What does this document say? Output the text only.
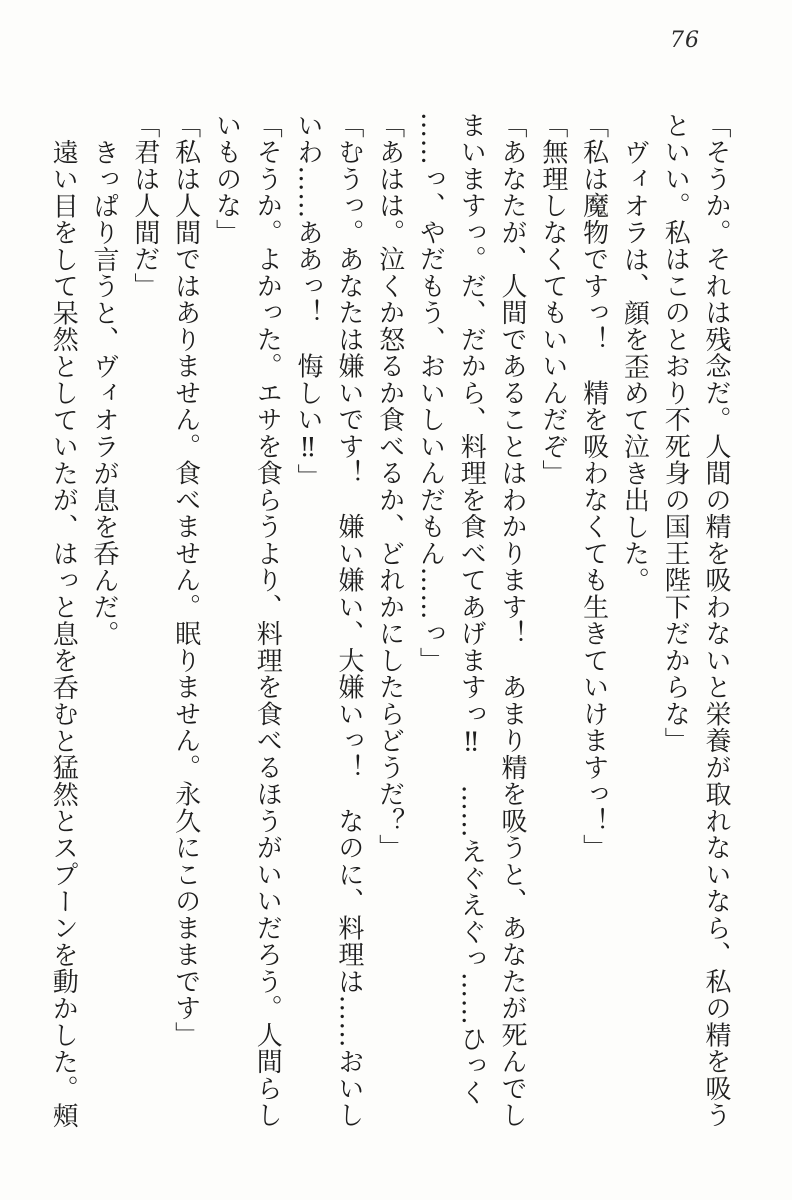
76
「そうか。それは残念だ。人間の精を吸わないと栄養が取れないなら、私の精を吸う
といい。私はこのとおり不死身の国王陛下だからな」
ヴィオラは、顔を歪めて泣き出した。
「私は魔物ですっ！　精を吸わなくても生きていけますっ！」
「無理しなくてもいいんだぞ」
「あなたが、人間であることはわかります！　あまり精を吸うと、あなたが死んでし
まいますっ。だ、だから、料理を食べてあげますっ‼　……えぐえぐっ……ひっく
……っ、やだもう、おいしいんだもん……っ」
「あはは。泣くか怒るか食べるか、どれかにしたらどうだ？」
「むうっ。あなたは嫌いです！　嫌い嫌い、大嫌いっ！　なのに、料理は……おいし
いわ……ああっ！　悔しい‼」
「そうか。よかった。エサを食らうより、料理を食べるほうがいいだろう。人間らし
いものな」
「私は人間ではありません。食べません。眠りません。永久にこのままです」
「君は人間だ」
きっぱり言うと、ヴィオラが息を呑んだ。
遠い目をして呆然としていたが、はっと息を呑むと猛然とスプーンを動かした。頰
